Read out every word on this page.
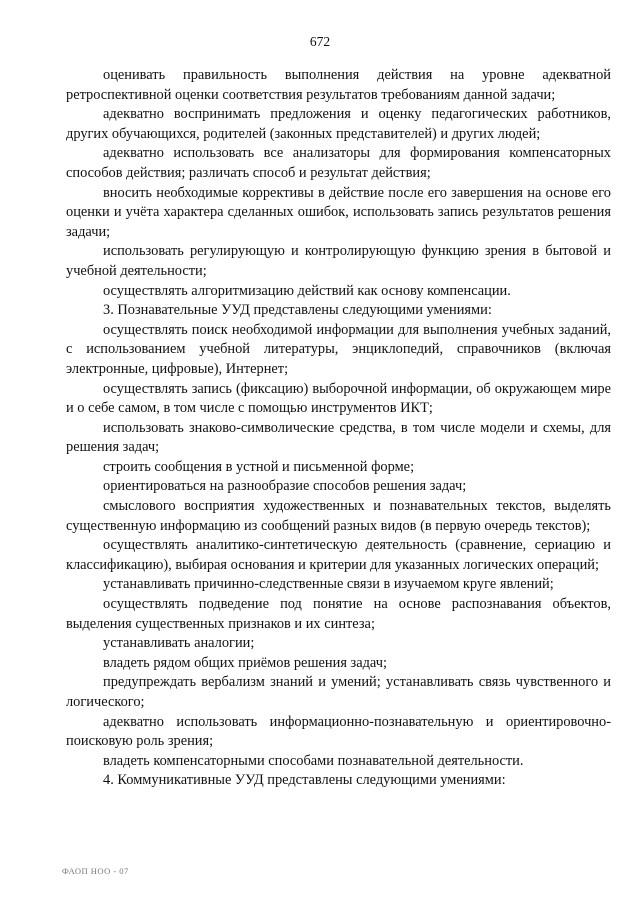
672

оценивать правильность выполнения действия на уровне адекватной ретроспективной оценки соответствия результатов требованиям данной задачи;

адекватно воспринимать предложения и оценку педагогических работников, других обучающихся, родителей (законных представителей) и других людей;

адекватно использовать все анализаторы для формирования компенсаторных способов действия; различать способ и результат действия;

вносить необходимые коррективы в действие после его завершения на основе его оценки и учёта характера сделанных ошибок, использовать запись результатов решения задачи;

использовать регулирующую и контролирующую функцию зрения в бытовой и учебной деятельности;

осуществлять алгоритмизацию действий как основу компенсации.

3. Познавательные УУД представлены следующими умениями:

осуществлять поиск необходимой информации для выполнения учебных заданий, с использованием учебной литературы, энциклопедий, справочников (включая электронные, цифровые), Интернет;

осуществлять запись (фиксацию) выборочной информации, об окружающем мире и о себе самом, в том числе с помощью инструментов ИКТ;

использовать знаково-символические средства, в том числе модели и схемы, для решения задач;

строить сообщения в устной и письменной форме;

ориентироваться на разнообразие способов решения задач;

смыслового восприятия художественных и познавательных текстов, выделять существенную информацию из сообщений разных видов (в первую очередь текстов);

осуществлять аналитико-синтетическую деятельность (сравнение, сериацию и классификацию), выбирая основания и критерии для указанных логических операций;

устанавливать причинно-следственные связи в изучаемом круге явлений;

осуществлять подведение под понятие на основе распознавания объектов, выделения существенных признаков и их синтеза;

устанавливать аналогии;

владеть рядом общих приёмов решения задач;

предупреждать вербализм знаний и умений; устанавливать связь чувственного и логического;

адекватно использовать информационно-познавательную и ориентировочно-поисковую роль зрения;

владеть компенсаторными способами познавательной деятельности.

4. Коммуникативные УУД представлены следующими умениями:

ФАОП НОО - 07
